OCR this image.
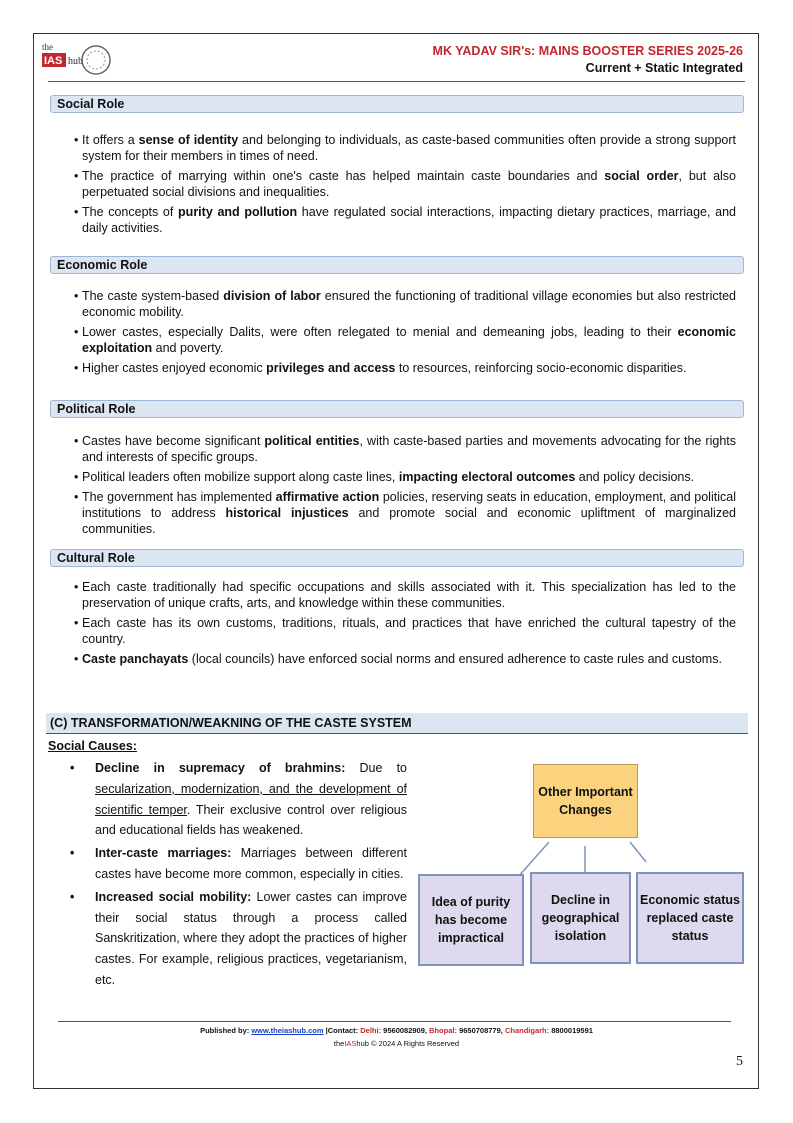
the
IAS hub
MK YADAV SIR's: MAINS BOOSTER SERIES 2025-26
Current + Static Integrated
Social Role
• It offers a sense of identity and belonging to individuals, as caste-based communities often provide a strong support system for their members in times of need.
• The practice of marrying within one's caste has helped maintain caste boundaries and social order, but also perpetuated social divisions and inequalities.
• The concepts of purity and pollution have regulated social interactions, impacting dietary practices, marriage, and daily activities.
Economic Role
• The caste system-based division of labor ensured the functioning of traditional village economies but also restricted economic mobility.
• Lower castes, especially Dalits, were often relegated to menial and demeaning jobs, leading to their economic exploitation and poverty.
• Higher castes enjoyed economic privileges and access to resources, reinforcing socio-economic disparities.
Political Role
• Castes have become significant political entities, with caste-based parties and movements advocating for the rights and interests of specific groups.
• Political leaders often mobilize support along caste lines, impacting electoral outcomes and policy decisions.
• The government has implemented affirmative action policies, reserving seats in education, employment, and political institutions to address historical injustices and promote social and economic upliftment of marginalized communities.
Cultural Role
• Each caste traditionally had specific occupations and skills associated with it. This specialization has led to the preservation of unique crafts, arts, and knowledge within these communities.
• Each caste has its own customs, traditions, rituals, and practices that have enriched the cultural tapestry of the country.
• Caste panchayats (local councils) have enforced social norms and ensured adherence to caste rules and customs.
(C) TRANSFORMATION/WEAKNING OF THE CASTE SYSTEM
Social Causes:
• Decline in supremacy of brahmins: Due to secularization, modernization, and the development of scientific temper. Their exclusive control over religious and educational fields has weakened.
• Inter-caste marriages: Marriages between different castes have become more common, especially in cities.
• Increased social mobility: Lower castes can improve their social status through a process called Sanskritization, where they adopt the practices of higher castes. For example, religious practices, vegetarianism, etc.
Other Important Changes
Idea of purity has become impractical
Decline in geographical isolation
Economic status replaced caste status
Published by: www.theiashub.com |Contact: Delhi: 9560082909, Bhopal: 9650708779, Chandigarh: 8800019591
theIAShub © 2024 A Rights Reserved
5
